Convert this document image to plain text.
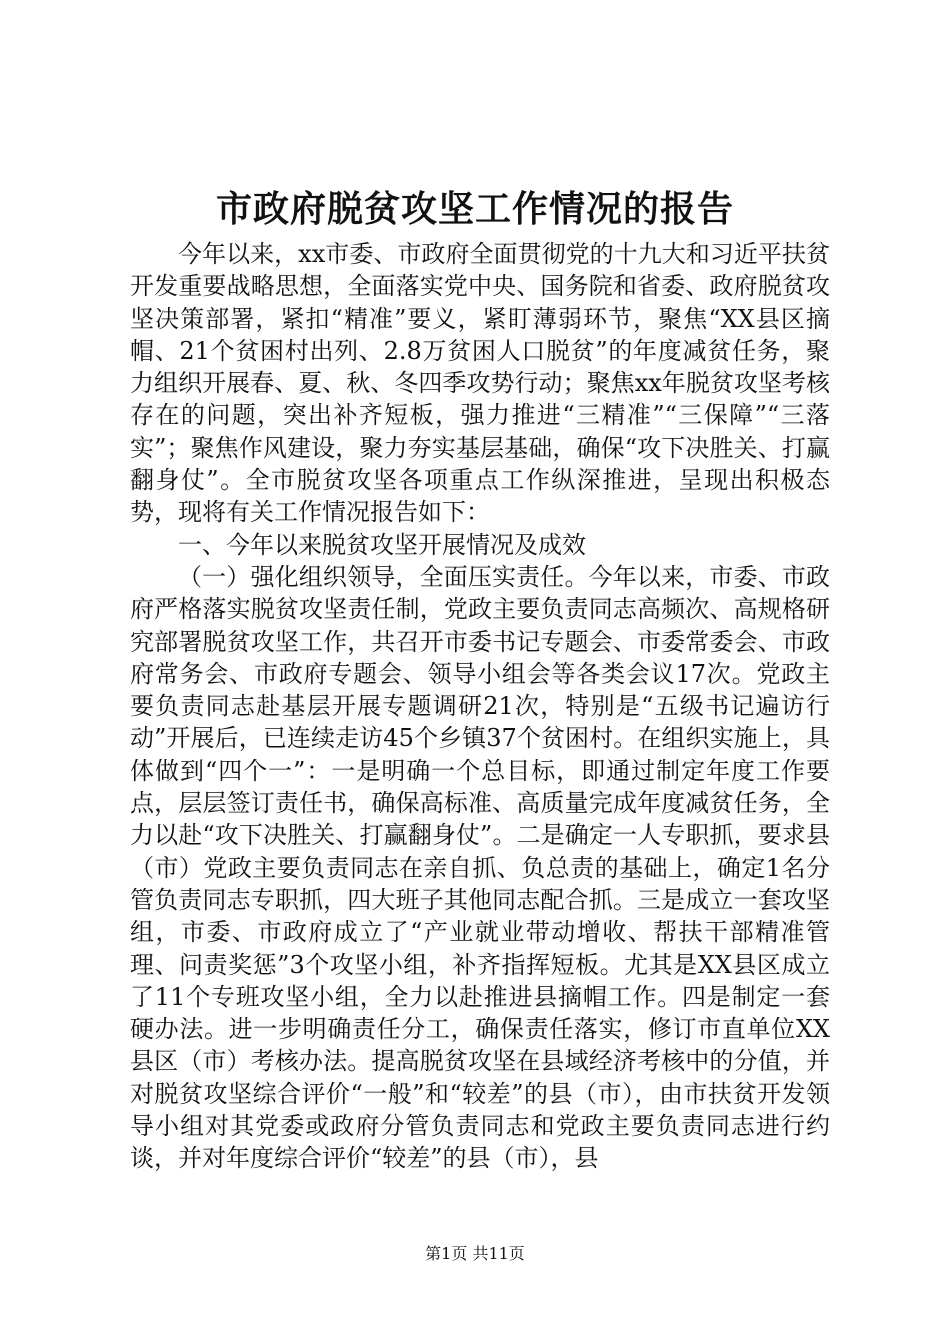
市政府脱贫攻坚工作情况的报告

今年以来，xx市委、市政府全面贯彻党的十九大和习近平扶贫开发重要战略思想，全面落实党中央、国务院和省委、政府脱贫攻坚决策部署，紧扣“精准”要义，紧盯薄弱环节，聚焦“XX县区摘帽、21个贫困村出列、2.8万贫困人口脱贫”的年度减贫任务，聚力组织开展春、夏、秋、冬四季攻势行动；聚焦xx年脱贫攻坚考核存在的问题，突出补齐短板，强力推进“三精准”“三保障”“三落实”；聚焦作风建设，聚力夯实基层基础，确保“攻下决胜关、打赢翻身仗”。全市脱贫攻坚各项重点工作纵深推进，呈现出积极态势，现将有关工作情况报告如下：

一、今年以来脱贫攻坚开展情况及成效

（一）强化组织领导，全面压实责任。今年以来，市委、市政府严格落实脱贫攻坚责任制，党政主要负责同志高频次、高规格研究部署脱贫攻坚工作，共召开市委书记专题会、市委常委会、市政府常务会、市政府专题会、领导小组会等各类会议17次。党政主要负责同志赴基层开展专题调研21次，特别是“五级书记遍访行动”开展后，已连续走访45个乡镇37个贫困村。在组织实施上，具体做到“四个一”：一是明确一个总目标，即通过制定年度工作要点，层层签订责任书，确保高标准、高质量完成年度减贫任务，全力以赴“攻下决胜关、打赢翻身仗”。二是确定一人专职抓，要求县（市）党政主要负责同志在亲自抓、负总责的基础上，确定1名分管负责同志专职抓，四大班子其他同志配合抓。三是成立一套攻坚组，市委、市政府成立了“产业就业带动增收、帮扶干部精准管理、问责奖惩”3个攻坚小组，补齐指挥短板。尤其是XX县区成立了11个专班攻坚小组，全力以赴推进县摘帽工作。四是制定一套硬办法。进一步明确责任分工，确保责任落实，修订市直单位XX县区（市）考核办法。提高脱贫攻坚在县域经济考核中的分值，并对脱贫攻坚综合评价“一般”和“较差”的县（市），由市扶贫开发领导小组对其党委或政府分管负责同志和党政主要负责同志进行约谈，并对年度综合评价“较差”的县（市），县

第1页 共11页
